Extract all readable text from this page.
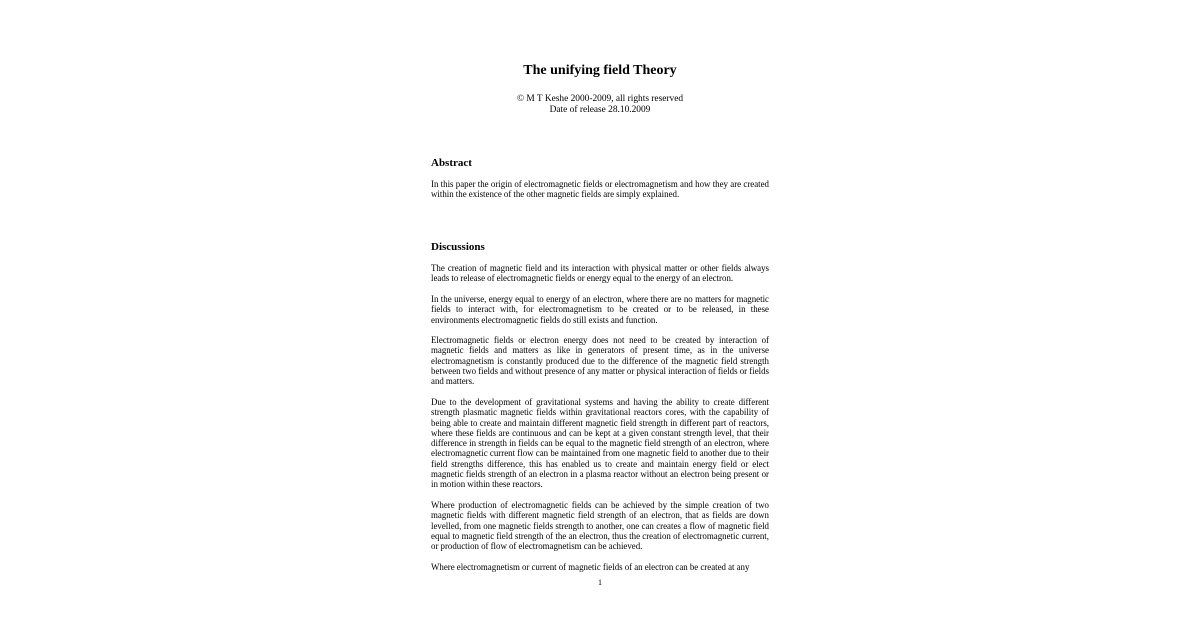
The unifying field Theory
© M T Keshe 2000-2009, all rights reserved
Date of release 28.10.2009
Abstract

In this paper the origin of electromagnetic fields or electromagnetism and how they are created within the existence of the other magnetic fields are simply explained.

Discussions

The creation of magnetic field and its interaction with physical matter or other fields always leads to release of electromagnetic fields or energy equal to the energy of an electron.

In the universe, energy equal to energy of an electron, where there are no matters for magnetic fields to interact with, for electromagnetism to be created or to be released, in these environments electromagnetic fields do still exists and function.

Electromagnetic fields or electron energy does not need to be created by interaction of magnetic fields and matters as like in generators of present time, as in the universe electromagnetism is constantly produced due to the difference of the magnetic field strength between two fields and without presence of any matter or physical interaction of fields or fields and matters.

Due to the development of gravitational systems and having the ability to create different strength plasmatic magnetic fields within gravitational reactors cores, with the capability of being able to create and maintain different magnetic field strength in different part of reactors, where these fields are continuous and can be kept at a given constant strength level, that their difference in strength in fields can be equal to the magnetic field strength of an electron, where electromagnetic current flow can be maintained from one magnetic field to another due to their field strengths difference, this has enabled us to create and maintain energy field or elect magnetic fields strength of an electron in a plasma reactor without an electron being present or in motion within these reactors.

Where production of electromagnetic fields can be achieved by the simple creation of two magnetic fields with different magnetic field strength of an electron, that as fields are down levelled, from one magnetic fields strength to another, one can creates a flow of magnetic field equal to magnetic field strength of the an electron, thus the creation of electromagnetic current, or production of flow of electromagnetism can be achieved.

Where electromagnetism or current of magnetic fields of an electron can be created at any

1
